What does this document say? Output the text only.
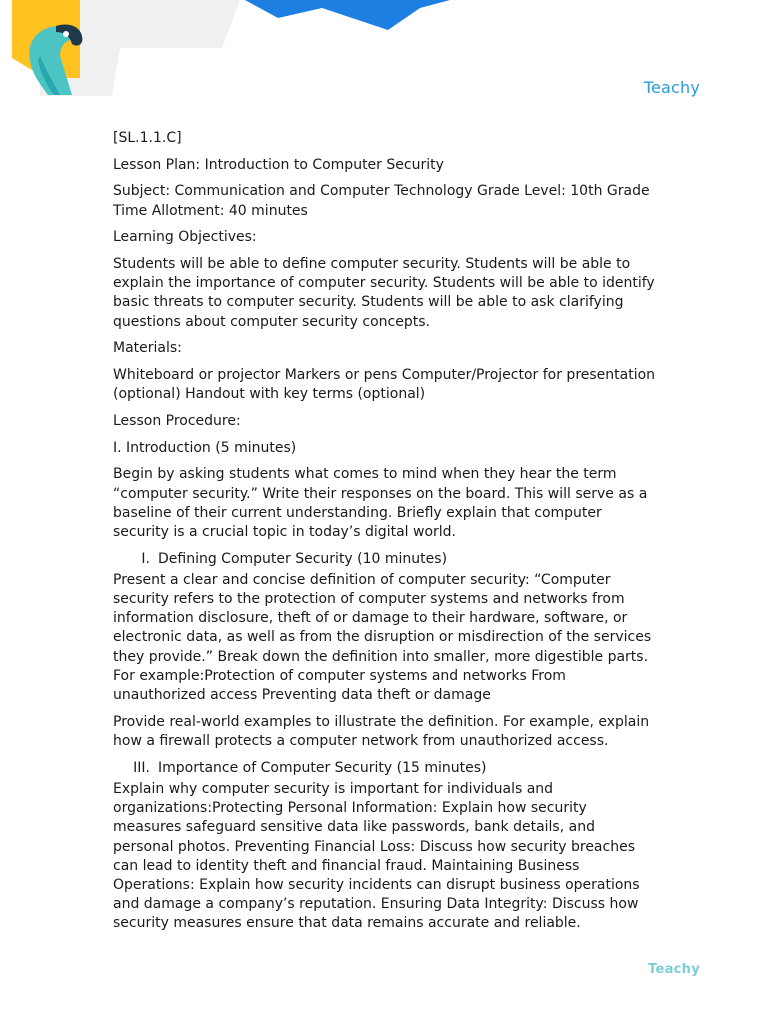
Teachy

[SL.1.1.C]

Lesson Plan: Introduction to Computer Security

Subject: Communication and Computer Technology Grade Level: 10th Grade Time Allotment: 40 minutes

Learning Objectives:

Students will be able to define computer security. Students will be able to explain the importance of computer security. Students will be able to identify basic threats to computer security. Students will be able to ask clarifying questions about computer security concepts.

Materials:

Whiteboard or projector Markers or pens Computer/Projector for presentation (optional) Handout with key terms (optional)

Lesson Procedure:

I. Introduction (5 minutes)

Begin by asking students what comes to mind when they hear the term “computer security.” Write their responses on the board. This will serve as a baseline of their current understanding. Briefly explain that computer security is a crucial topic in today’s digital world.

I. Defining Computer Security (10 minutes)

Present a clear and concise definition of computer security: “Computer security refers to the protection of computer systems and networks from information disclosure, theft of or damage to their hardware, software, or electronic data, as well as from the disruption or misdirection of the services they provide.” Break down the definition into smaller, more digestible parts. For example:Protection of computer systems and networks From unauthorized access Preventing data theft or damage

Provide real-world examples to illustrate the definition. For example, explain how a firewall protects a computer network from unauthorized access.

III. Importance of Computer Security (15 minutes)

Explain why computer security is important for individuals and organizations:Protecting Personal Information: Explain how security measures safeguard sensitive data like passwords, bank details, and personal photos. Preventing Financial Loss: Discuss how security breaches can lead to identity theft and financial fraud. Maintaining Business Operations: Explain how security incidents can disrupt business operations and damage a company’s reputation. Ensuring Data Integrity: Discuss how security measures ensure that data remains accurate and reliable.

Teachy
